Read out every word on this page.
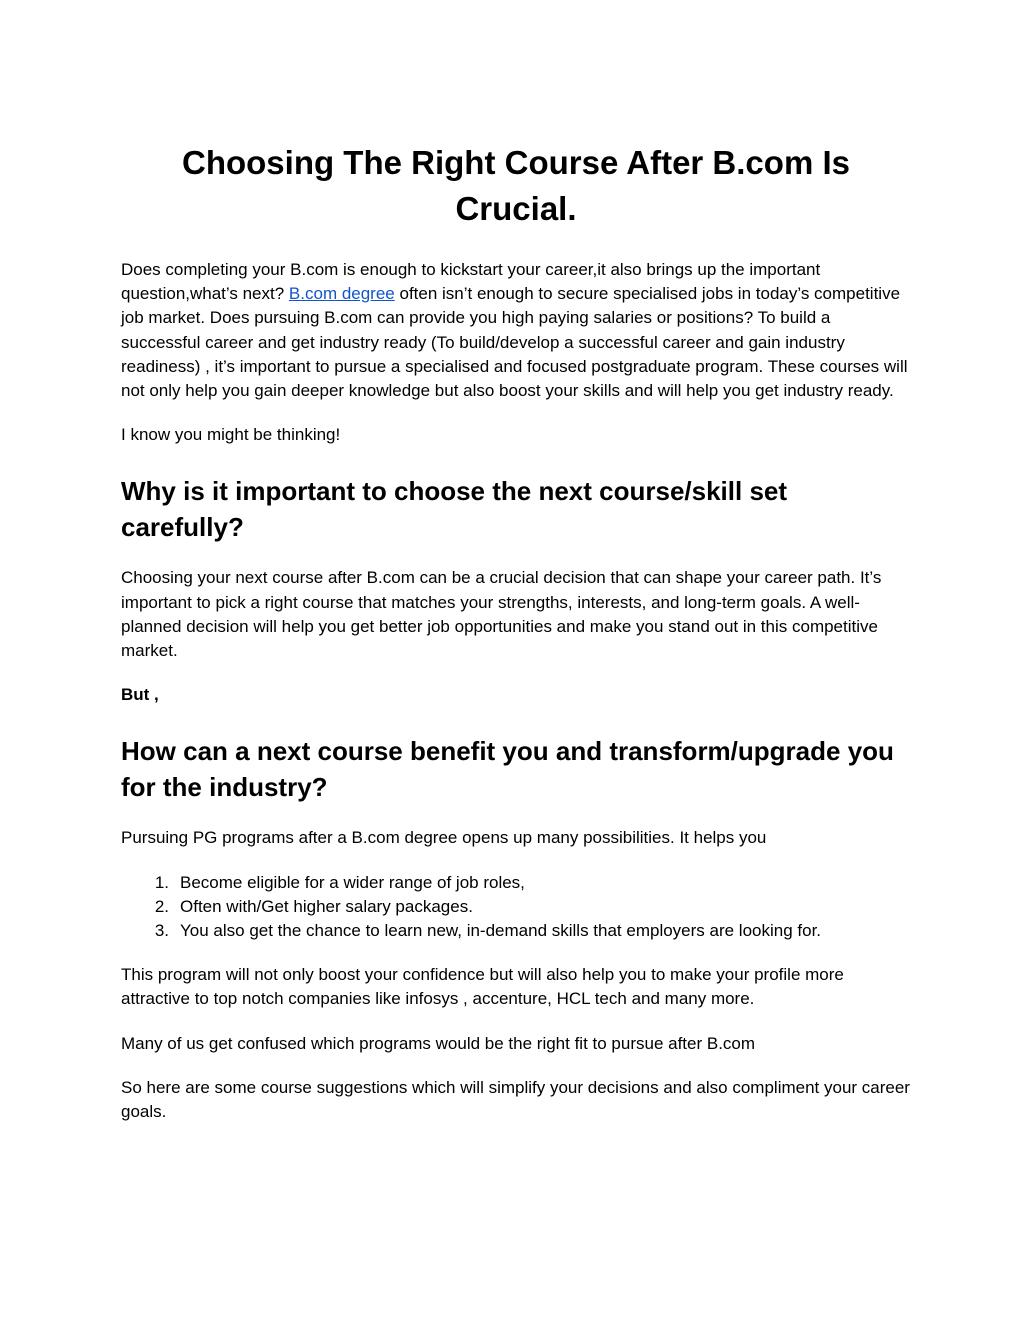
Choosing The Right Course After B.com Is Crucial.

Does completing your B.com is enough to kickstart your career,it also brings up the important question,what’s next? B.com degree often isn’t enough to secure specialised jobs in today’s competitive job market. Does pursuing B.com can provide you high paying salaries or positions? To build a successful career and get industry ready (To build/develop a successful career and gain industry readiness) , it’s important to pursue a specialised and focused postgraduate program. These courses will not only help you gain deeper knowledge but also boost your skills and will help you get industry ready.

I know you might be thinking!

Why is it important to choose the next course/skill set carefully?

Choosing your next course after B.com can be a crucial decision that can shape your career path. It’s important to pick a right course that matches your strengths, interests, and long-term goals. A well-planned decision will help you get better job opportunities and make you stand out in this competitive market.

But ,

How can a next course benefit you and transform/upgrade you for the industry?

Pursuing PG programs after a B.com degree opens up many possibilities. It helps you

1. Become eligible for a wider range of job roles,
2. Often with/Get higher salary packages.
3. You also get the chance to learn new, in-demand skills that employers are looking for.

This program will not only boost your confidence but will also help you to make your profile more attractive to top notch companies like infosys , accenture, HCL tech and many more.

Many of us get confused which programs would be the right fit to pursue after B.com

So here are some course suggestions which will simplify your decisions and also compliment your career goals.
